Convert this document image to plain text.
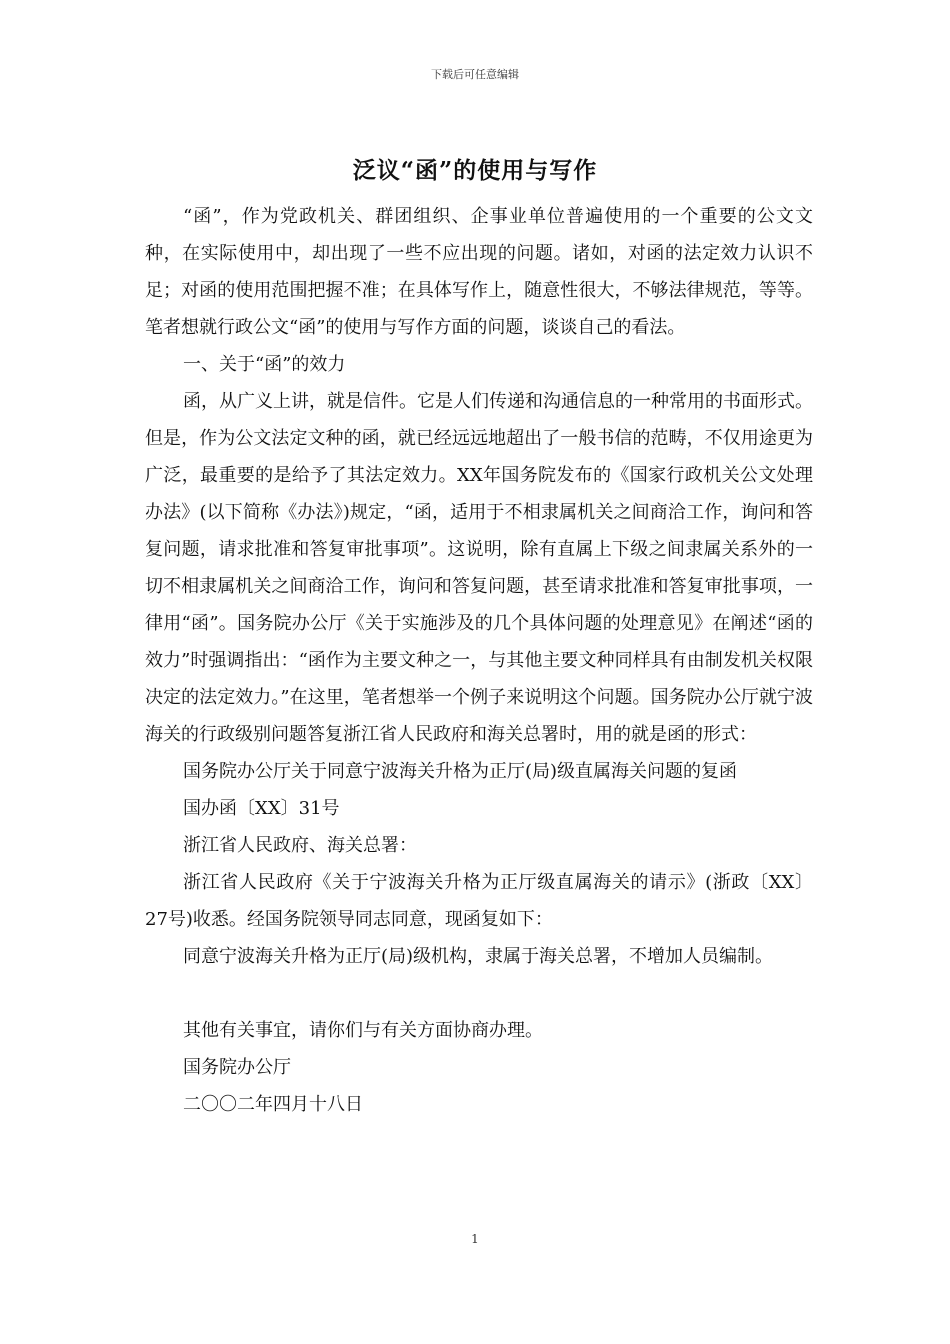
下载后可任意编辑
泛议“函”的使用与写作

“函”，作为党政机关、群团组织、企事业单位普遍使用的一个重要的公文文种，在实际使用中，却出现了一些不应出现的问题。诸如，对函的法定效力认识不足；对函的使用范围把握不准；在具体写作上，随意性很大，不够法律规范，等等。笔者想就行政公文“函”的使用与写作方面的问题，谈谈自己的看法。

一、关于“函”的效力

函，从广义上讲，就是信件。它是人们传递和沟通信息的一种常用的书面形式。但是，作为公文法定文种的函，就已经远远地超出了一般书信的范畴，不仅用途更为广泛，最重要的是给予了其法定效力。XX年国务院发布的《国家行政机关公文处理办法》(以下简称《办法》)规定，“函，适用于不相隶属机关之间商洽工作，询问和答复问题，请求批准和答复审批事项”。这说明，除有直属上下级之间隶属关系外的一切不相隶属机关之间商洽工作，询问和答复问题，甚至请求批准和答复审批事项，一律用“函”。国务院办公厅《关于实施涉及的几个具体问题的处理意见》在阐述“函的效力”时强调指出：“函作为主要文种之一，与其他主要文种同样具有由制发机关权限决定的法定效力。”在这里，笔者想举一个例子来说明这个问题。国务院办公厅就宁波海关的行政级别问题答复浙江省人民政府和海关总署时，用的就是函的形式：

国务院办公厅关于同意宁波海关升格为正厅(局)级直属海关问题的复函

国办函〔XX〕31号

浙江省人民政府、海关总署：

浙江省人民政府《关于宁波海关升格为正厅级直属海关的请示》(浙政〔XX〕27号)收悉。经国务院领导同志同意，现函复如下：

同意宁波海关升格为正厅(局)级机构，隶属于海关总署，不增加人员编制。

其他有关事宜，请你们与有关方面协商办理。

国务院办公厅

二〇〇二年四月十八日

1
